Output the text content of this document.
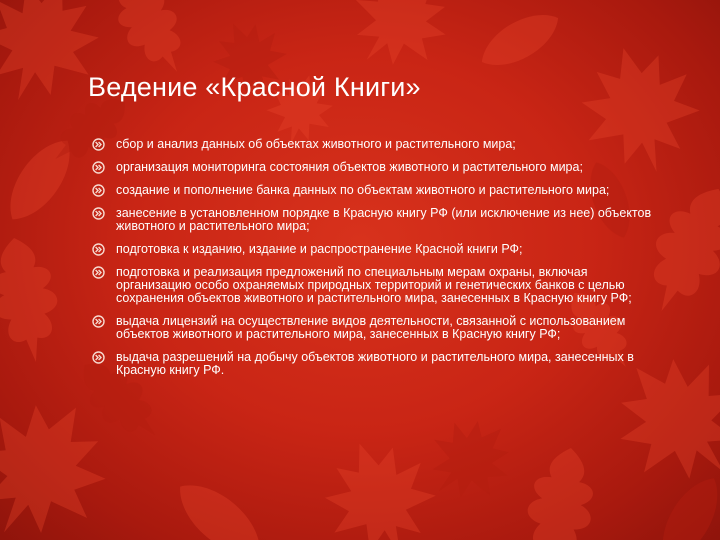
Ведение «Красной Книги»
сбор и анализ данных об объектах животного и растительного мира;
организация мониторинга состояния объектов животного и растительного мира;
создание и пополнение банка данных по объектам животного и растительного мира;
занесение в установленном порядке в Красную книгу РФ (или исключение из нее) объектов животного и растительного мира;
подготовка к изданию, издание и распространение Красной книги РФ;
подготовка и реализация предложений по специальным мерам охраны, включая организацию особо охраняемых природных территорий и генетических банков с целью сохранения объектов животного и растительного мира, занесенных в Красную книгу РФ;
выдача лицензий на осуществление видов деятельности, связанной с использованием объектов животного и растительного мира, занесенных в Красную книгу РФ;
выдача разрешений на добычу объектов животного и растительного мира, занесенных в Красную книгу РФ.
